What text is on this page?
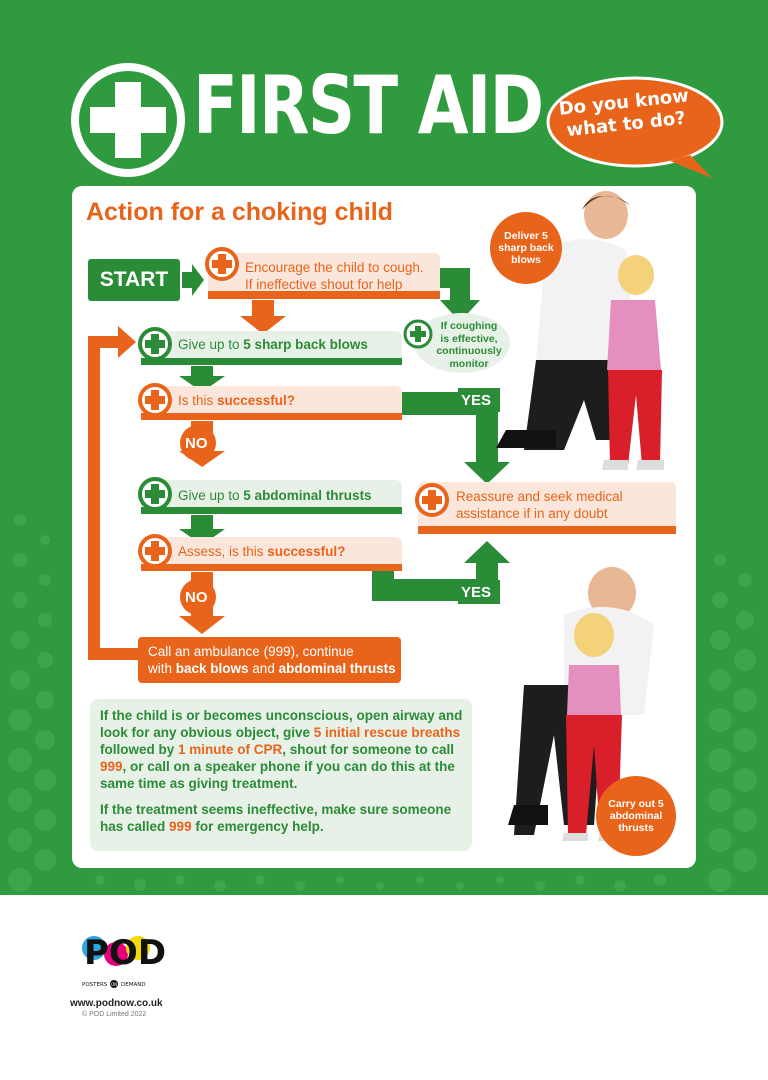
FIRST AID Do you know what to do?
Action for a choking child
START
Encourage the child to cough.
If ineffective shout for help
If coughing
is effective,
continuously
monitor
Give up to 5 sharp back blows
Is this successful?	YES
NO
Give up to 5 abdominal thrusts	Reassure and seek medical
assistance if in any doubt
Assess, is this successful?
YES
NO
Call an ambulance (999), continue
with back blows and abdominal thrusts

If the child is or becomes unconscious, open airway and look for any obvious object, give 5 initial rescue breaths followed by 1 minute of CPR, shout for someone to call 999, or call on a speaker phone if you can do this at the same time as giving treatment.

If the treatment seems ineffective, make sure someone has called 999 for emergency help.

Deliver 5 sharp back blows
Carry out 5 abdominal thrusts
POD
POSTERS ON DEMAND
www.podnow.co.uk
© POD Limited 2022
